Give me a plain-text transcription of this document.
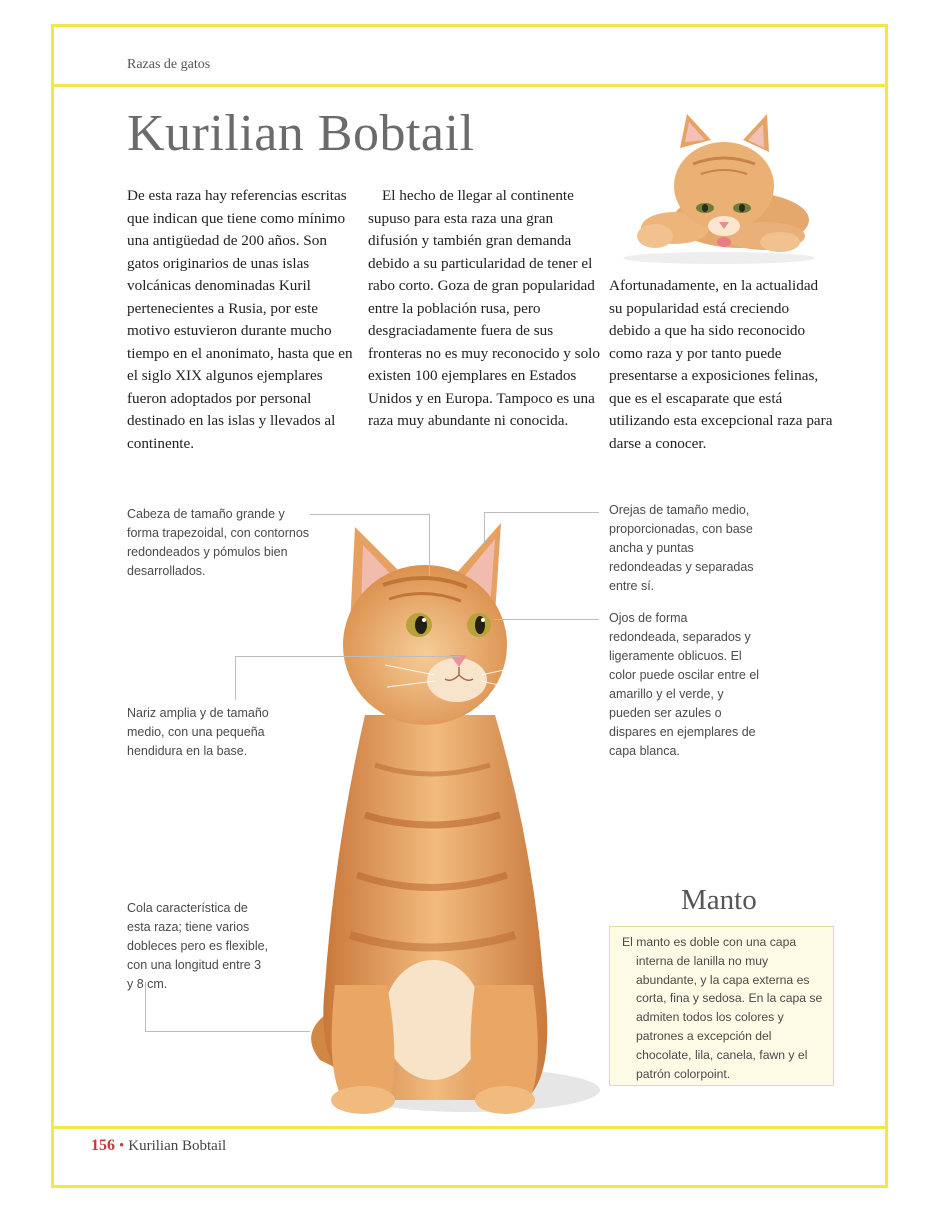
Razas de gatos
Kurilian Bobtail

De esta raza hay referencias escritas que indican que tiene como mínimo una antigüedad de 200 años. Son gatos originarios de unas islas volcánicas denominadas Kuril pertenecientes a Rusia, por este motivo estuvieron durante mucho tiempo en el anonimato, hasta que en el siglo XIX algunos ejemplares fueron adoptados por personal destinado en las islas y llevados al continente.

El hecho de llegar al continente supuso para esta raza una gran difusión y también gran demanda debido a su particularidad de tener el rabo corto. Goza de gran popularidad entre la población rusa, pero desgraciadamente fuera de sus fronteras no es muy reconocido y solo existen 100 ejemplares en Estados Unidos y en Europa. Tampoco es una raza muy abundante ni conocida.

Afortunadamente, en la actualidad su popularidad está creciendo debido a que ha sido reconocido como raza y por tanto puede presentarse a exposiciones felinas, que es el escaparate que está utilizando esta excepcional raza para darse a conocer.

Cabeza de tamaño grande y forma trapezoidal, con contornos redondeados y pómulos bien desarrollados.
Orejas de tamaño medio, proporcionadas, con base ancha y puntas redondeadas y separadas entre sí.
Ojos de forma redondeada, separados y ligeramente oblicuos. El color puede oscilar entre el amarillo y el verde, y pueden ser azules o dispares en ejemplares de capa blanca.
Nariz amplia y de tamaño medio, con una pequeña hendidura en la base.
Cola característica de esta raza; tiene varios dobleces pero es flexible, con una longitud entre 3 y 8 cm.
Manto

El manto es doble con una capa interna de lanilla no muy abundante, y la capa externa es corta, fina y sedosa. En la capa se admiten todos los colores y patrones a excepción del chocolate, lila, canela, fawn y el patrón colorpoint.

156 • Kurilian Bobtail
